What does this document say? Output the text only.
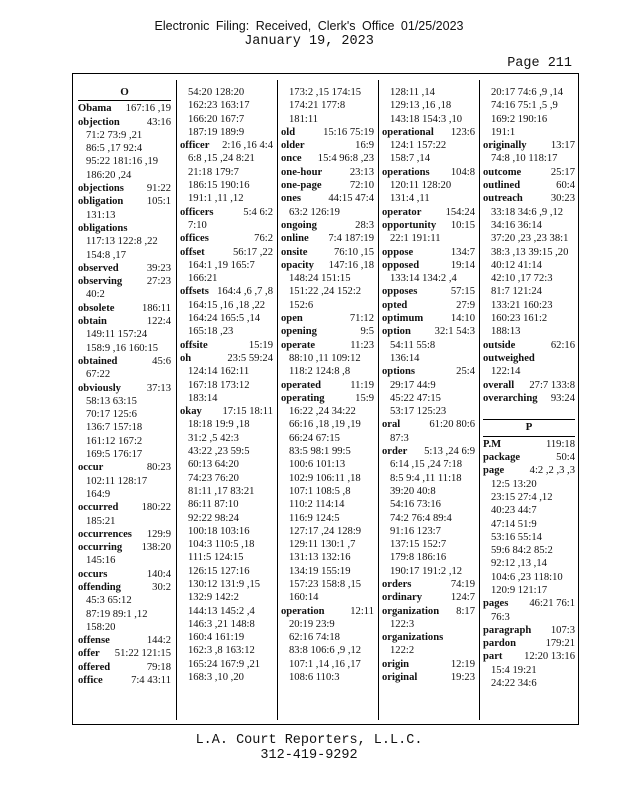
Electronic Filing: Received, Clerk's Office 01/25/2023
January 19, 2023
Page 211
O
Obama 167:16 ,19
objection	43:16
71:2 73:9 ,21
86:5 ,17 92:4
95:22 181:16 ,19
186:20 ,24
objections 91:22
obligation 105:1
131:13
obligations
117:13 122:8 ,22
154:8 ,17
observed	39:23
observing 27:23
40:2
obsolete	186:11
obtain	122:4
149:11 157:24
158:9 ,16 160:15
obtained	45:6
67:22
obviously 37:13
58:13 63:15
70:17 125:6
136:7 157:18
161:12 167:2
169:5 176:17
occur	80:23
102:11 128:17
164:9
occurred 180:22
185:21
occurrences 129:9
occurring 138:20
145:16
occurs	140:4
offending	30:2
45:3 65:12
87:19 89:1 ,12
158:20
offense	144:2
offer 51:22 121:15
offered	79:18
office	7:4 43:11
54:20 128:20
162:23 163:17
166:20 167:7
187:19 189:9
officer 2:16 ,16 4:4
6:8 ,15 ,24 8:21
21:18 179:7
186:15 190:16
191:1 ,11 ,12
officers	5:4 6:2
7:10
offices	76:2
offset	56:17 ,22
164:1 ,19 165:7
166:21
offsets 164:4 ,6 ,7 ,8
164:15 ,16 ,18 ,22
164:24 165:5 ,14
165:18 ,23
offsite	15:19
oh	23:5 59:24
124:14 162:11
167:18 173:12
183:14
okay 17:15 18:11
18:18 19:9 ,18
31:2 ,5 42:3
43:22 ,23 59:5
60:13 64:20
74:23 76:20
81:11 ,17 83:21
86:11 87:10
92:22 98:24
100:18 103:16
104:3 110:5 ,18
111:5 124:15
126:15 127:16
130:12 131:9 ,15
132:9 142:2
144:13 145:2 ,4
146:3 ,21 148:8
160:4 161:19
162:3 ,8 163:12
165:24 167:9 ,21
168:3 ,10 ,20
173:2 ,15 174:15
174:21 177:8
181:11
old	15:16 75:19
older	16:9
once 15:4 96:8 ,23
one-hour	23:13
one-page	72:10
ones	44:15 47:4
63:2 126:19
ongoing	28:3
online 7:4 187:19
onsite 76:10 ,15
opacity 147:16 ,18
148:24 151:15
151:22 ,24 152:2
152:6
open	71:12
opening	9:5
operate	11:23
88:10 ,11 109:12
118:2 124:8 ,8
operated	11:19
operating	15:9
16:22 ,24 34:22
66:16 ,18 ,19 ,19
66:24 67:15
83:5 98:1 99:5
100:6 101:13
102:9 106:11 ,18
107:1 108:5 ,8
110:2 114:14
116:9 124:5
127:17 ,24 128:9
129:11 130:1 ,7
131:13 132:16
134:19 155:19
157:23 158:8 ,15
160:14
operation 12:11
20:19 23:9
62:16 74:18
83:8 106:6 ,9 ,12
107:1 ,14 ,16 ,17
108:6 110:3
128:11 ,14
129:13 ,16 ,18
143:18 154:3 ,10
operational 123:6
124:1 157:22
158:7 ,14
operations 104:8
120:11 128:20
131:4 ,11
operator 154:24
opportunity 10:15
22:1 191:11
oppose	134:7
opposed	19:14
133:14 134:2 ,4
opposes	57:15
opted	27:9
optimum	14:10
option 32:1 54:3
54:11 55:8
136:14
options	25:4
29:17 44:9
45:22 47:15
53:17 125:23
oral	61:20 80:6
87:3
order 5:13 ,24 6:9
6:14 ,15 ,24 7:18
8:5 9:4 ,11 11:18
39:20 40:8
54:16 73:16
74:2 76:4 89:4
91:16 123:7
137:15 152:7
179:8 186:16
190:17 191:2 ,12
orders	74:19
ordinary	124:7
organization 8:17
122:3
organizations
122:2
origin	12:19
original	19:23
20:17 74:6 ,9 ,14
74:16 75:1 ,5 ,9
169:2 190:16
191:1
originally 13:17
74:8 ,10 118:17
outcome	25:17
outlined	60:4
outreach	30:23
33:18 34:6 ,9 ,12
34:16 36:14
37:20 ,23 ,23 38:1
38:3 ,13 39:15 ,20
40:12 41:14
42:10 ,17 72:3
81:7 121:24
133:21 160:23
160:23 161:2
188:13
outside	62:16
outweighed
122:14
overall 27:7 133:8
overarching 93:24

P
P.M	119:18
package	50:4
page 4:2 ,2 ,3 ,3
12:5 13:20
23:15 27:4 ,12
40:23 44:7
47:14 51:9
53:16 55:14
59:6 84:2 85:2
92:12 ,13 ,14
104:6 ,23 118:10
120:9 121:17
pages 46:21 76:1
76:3
paragraph 107:3
pardon	179:21
part 12:20 13:16
15:4 19:21
24:22 34:6
L.A. Court Reporters, L.L.C.
312-419-9292
